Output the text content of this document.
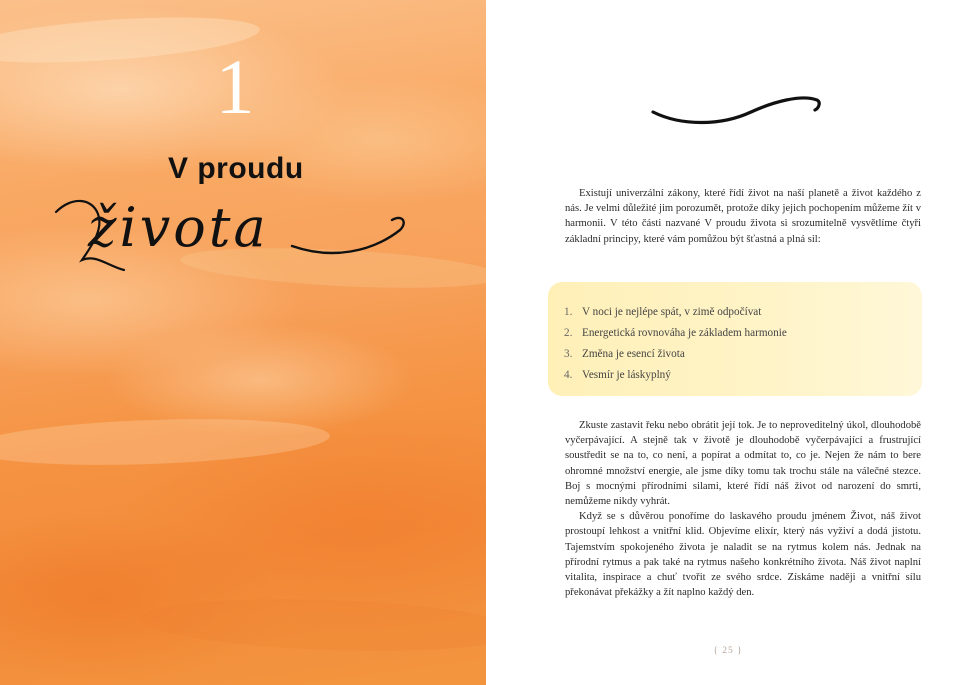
1
V proudu
života

Existují univerzální zákony, které řídí život na naší planetě a život každého z nás. Je velmi důležité jim porozumět, protože díky jejich pochopením můžeme žít v harmonii. V této části nazvané V proudu života si srozumitelně vysvětlíme čtyři základní principy, které vám pomůžou být šťastná a plná sil:

1. V noci je nejlépe spát, v zimě odpočívat
2. Energetická rovnováha je základem harmonie
3. Změna je esencí života
4. Vesmír je láskyplný

Zkuste zastavit řeku nebo obrátit její tok. Je to neproveditelný úkol, dlouhodobě vyčerpávající. A stejně tak v životě je dlouhodobě vyčerpávající a frustrující soustředit se na to, co není, a popírat a odmítat to, co je. Nejen že nám to bere ohromné množství energie, ale jsme díky tomu tak trochu stále na válečné stezce. Boj s mocnými přírodními silami, které řídí náš život od narození do smrti, nemůžeme nikdy vyhrát.

Když se s důvěrou ponoříme do laskavého proudu jménem Život, náš život prostoupí lehkost a vnitřní klid. Objevíme elixír, který nás vyživí a dodá jistotu. Tajemstvím spokojeného života je naladit se na rytmus kolem nás. Jednak na přírodní rytmus a pak také na rytmus našeho konkrétního života. Náš život naplní vitalita, inspirace a chuť tvořit ze svého srdce. Získáme naději a vnitřní sílu překonávat překážky a žít naplno každý den.

{ 25 }
